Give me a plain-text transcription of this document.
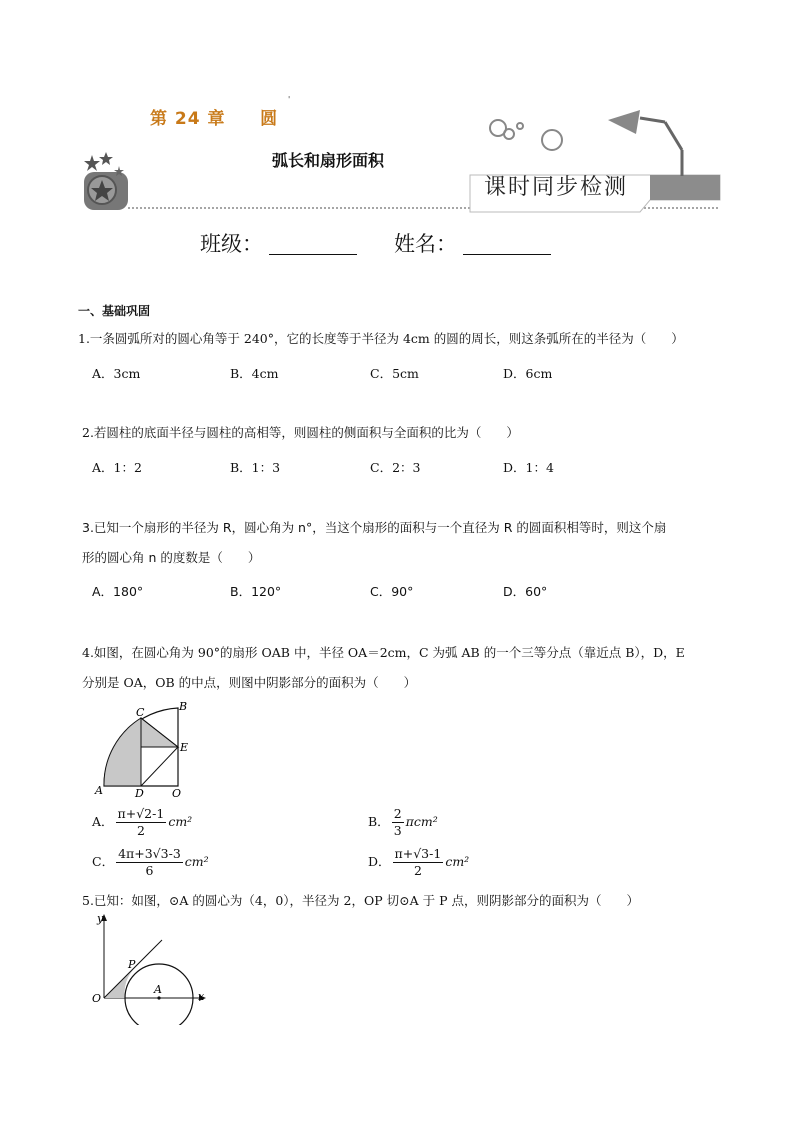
'
第 24 章 圆
弧长和扇形面积
课时同步检测
班级：	姓名：
一、基础巩固
1.一条圆弧所对的圆心角等于 240°，它的长度等于半径为 4cm 的圆的周长，则这条弧所在的半径为（　　）
A．3cm	B．4cm	C．5cm	D．6cm
2.若圆柱的底面半径与圆柱的高相等，则圆柱的侧面积与全面积的比为（　　）
A．1：2	B．1：3	C．2：3	D．1：4
3.已知一个扇形的半径为 R，圆心角为 n°，当这个扇形的面积与一个直径为 R 的圆面积相等时，则这个扇
形的圆心角 n 的度数是（　　）
A．180°	B．120°	C．90°	D．60°
4.如图，在圆心角为 90°的扇形 OAB 中，半径 OA＝2cm，C 为弧 AB 的一个三等分点（靠近点 B），D，E
分别是 OA，OB 的中点，则图中阴影部分的面积为（　　）
A
B
C
D
E
O
A． $\frac{\pi+√2-1}{2} cm^2$	B． $\frac{2}{3} \pi cm^2$
C． $\frac{4\pi+3√3-3}{6} cm^2$	D． $\frac{\pi+√3-1}{2} cm^2$
5.已知：如图，⊙A 的圆心为（4，0），半径为 2，OP 切⊙A 于 P 点，则阴影部分的面积为（　　）
y
P
A
O	x
